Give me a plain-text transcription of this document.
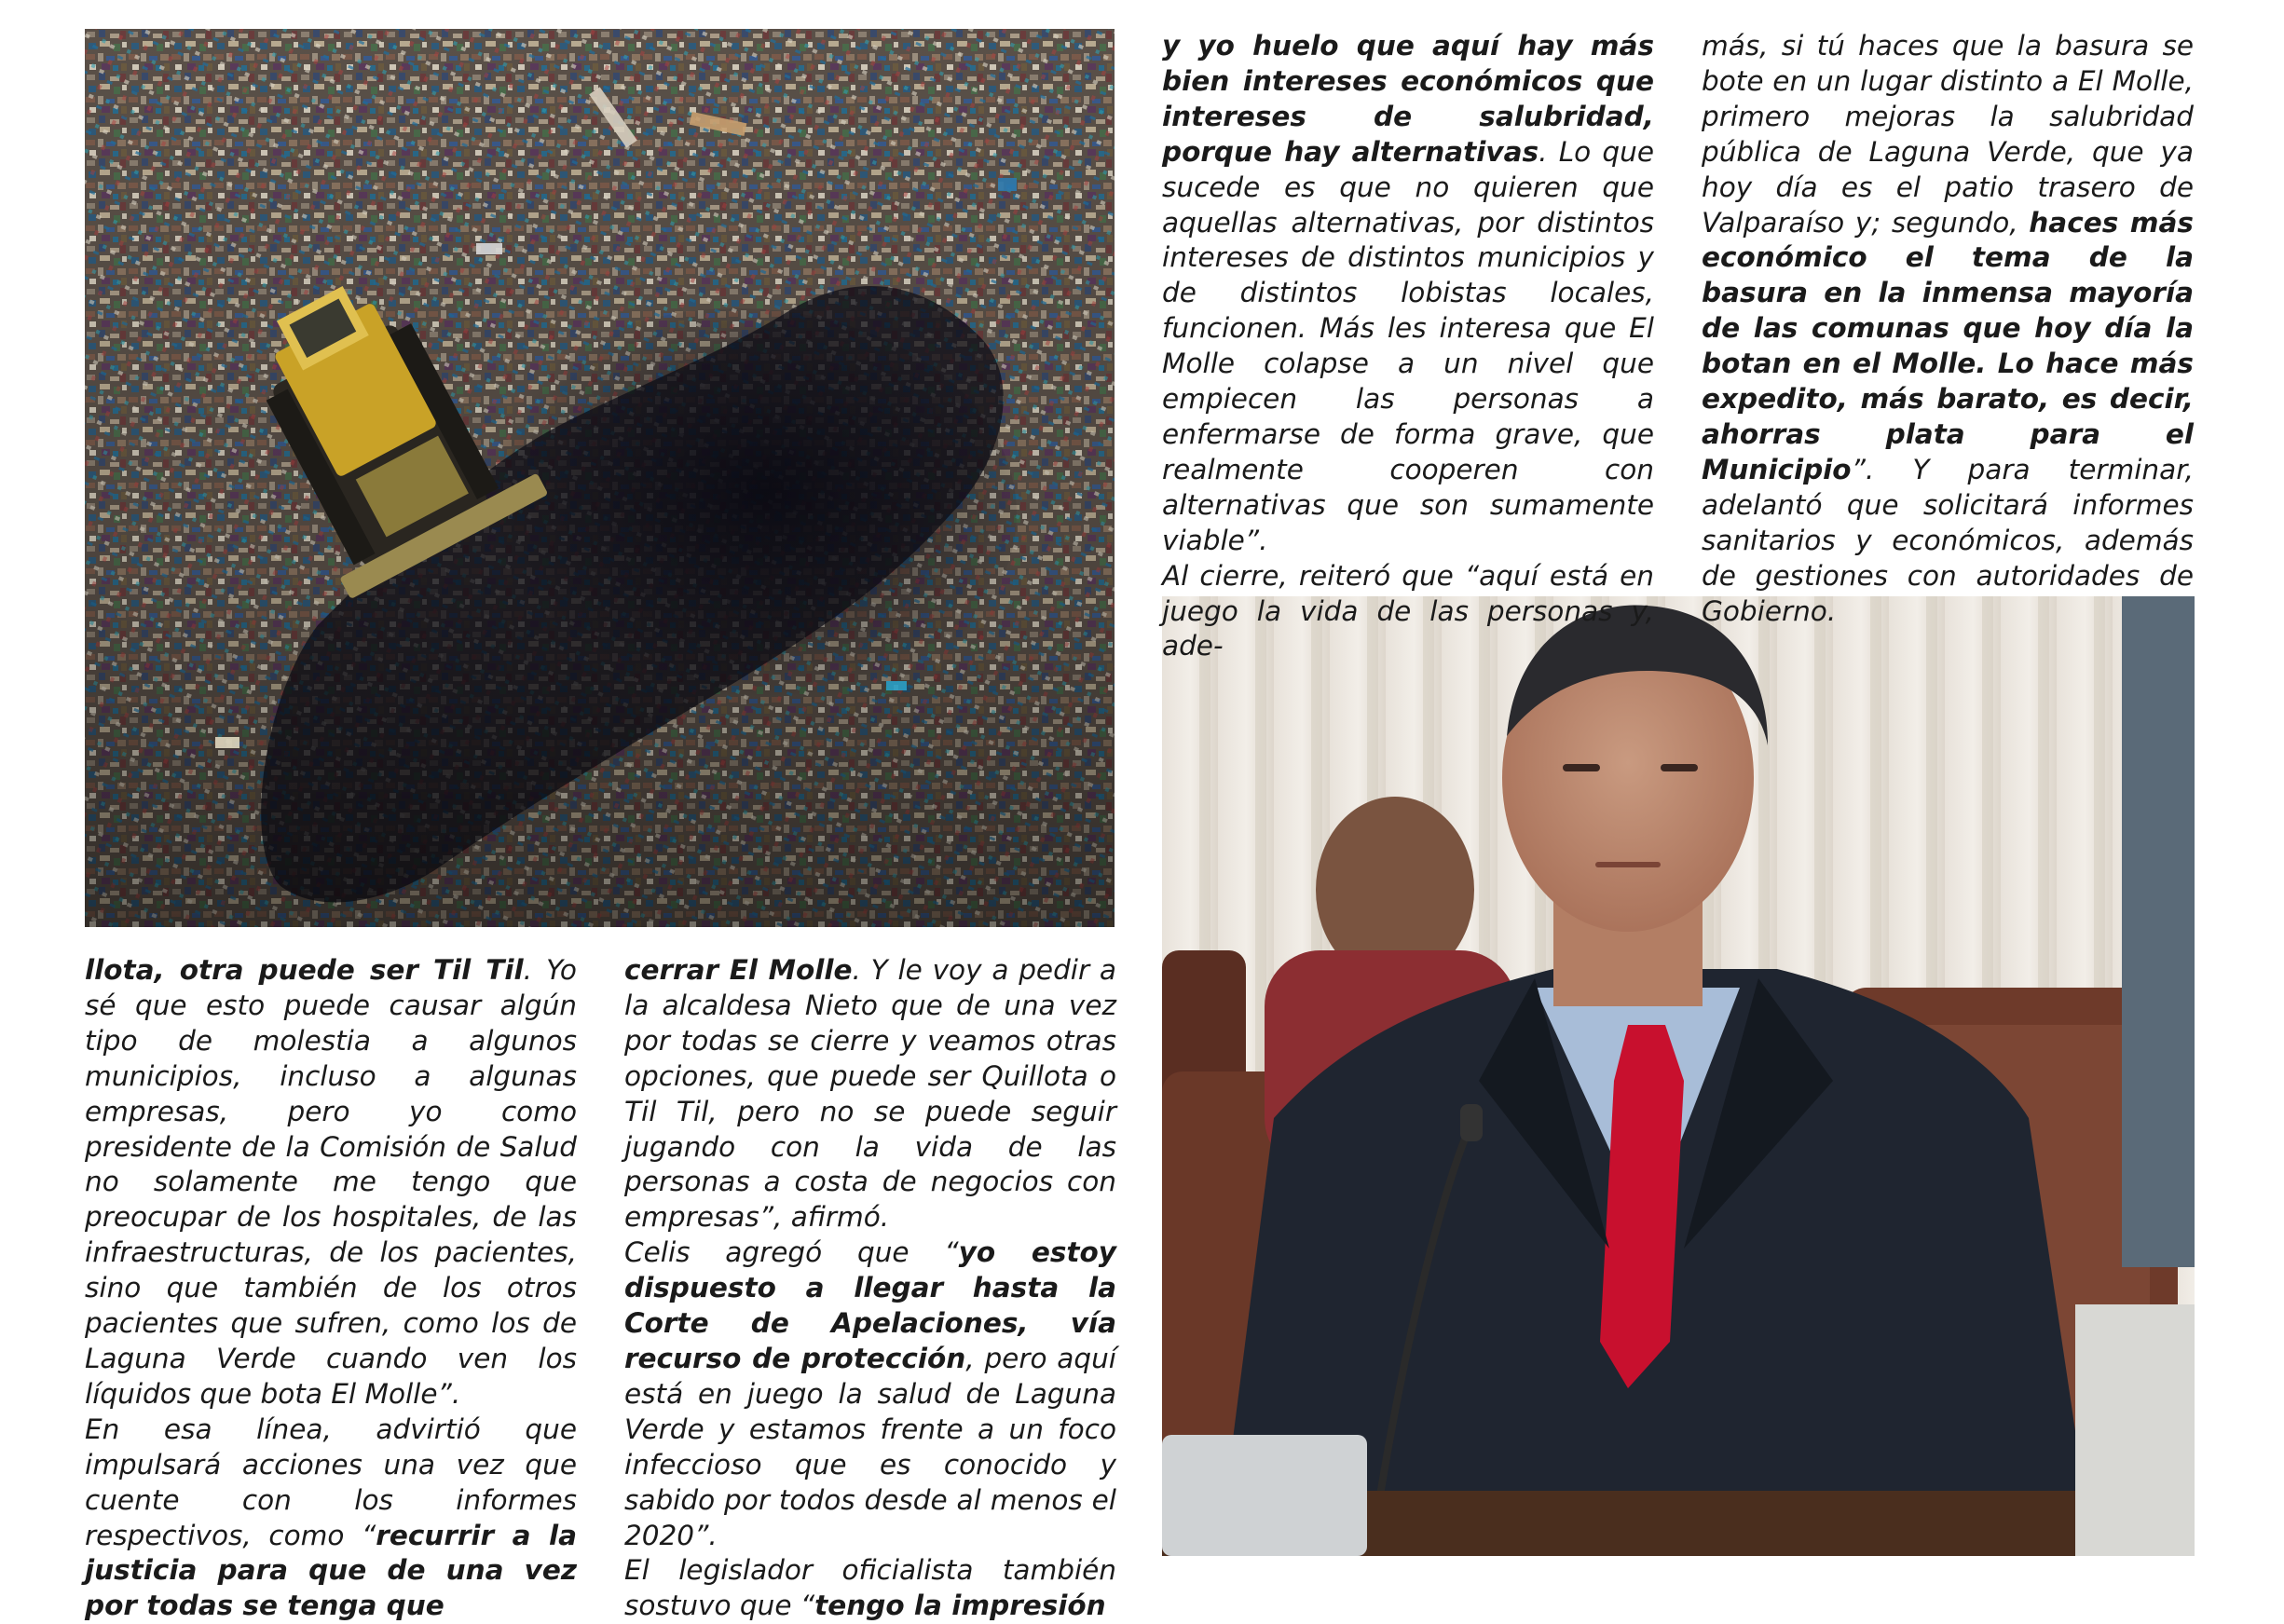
llota, otra puede ser Til Til. Yo sé que esto puede causar algún tipo de molestia a algunos municipios, incluso a algunas empresas, pero yo como presidente de la Comisión de Salud no solamente me tengo que preocupar de los hospitales, de las infraestructuras, de los pacientes, sino que también de los otros pacientes que sufren, como los de Laguna Verde cuando ven los líquidos que bota El Molle”.

En esa línea, advirtió que impulsará acciones una vez que cuente con los informes respectivos, como “recurrir a la justicia para que de una vez por todas se tenga que

cerrar El Molle. Y le voy a pedir a la alcaldesa Nieto que de una vez por todas se cierre y veamos otras opciones, que puede ser Quillota o Til Til, pero no se puede seguir jugando con la vida de las personas a costa de negocios con empresas”, afirmó.

Celis agregó que “yo estoy dispuesto a llegar hasta la Corte de Apelaciones, vía recurso de protección, pero aquí está en juego la salud de Laguna Verde y estamos frente a un foco infeccioso que es conocido y sabido por todos desde al menos el 2020”.

El legislador oficialista también sostuvo que “tengo la impresión

y yo huelo que aquí hay más bien intereses económicos que intereses de salubridad, porque hay alternativas. Lo que sucede es que no quieren que aquellas alternativas, por distintos intereses de distintos municipios y de distintos lobistas locales, funcionen. Más les interesa que El Molle colapse a un nivel que empiecen las personas a enfermarse de forma grave, que realmente cooperen con alternativas que son sumamente viable”.

Al cierre, reiteró que “aquí está en juego la vida de las personas y, ade-

más, si tú haces que la basura se bote en un lugar distinto a El Molle, primero mejoras la salubridad pública de Laguna Verde, que ya hoy día es el patio trasero de Valparaíso y; segundo, haces más económico el tema de la basura en la inmensa mayoría de las comunas que hoy día la botan en el Molle. Lo hace más expedito, más barato, es decir, ahorras plata para el Municipio”. Y para terminar, adelantó que solicitará informes sanitarios y económicos, además de gestiones con autoridades de Gobierno.
